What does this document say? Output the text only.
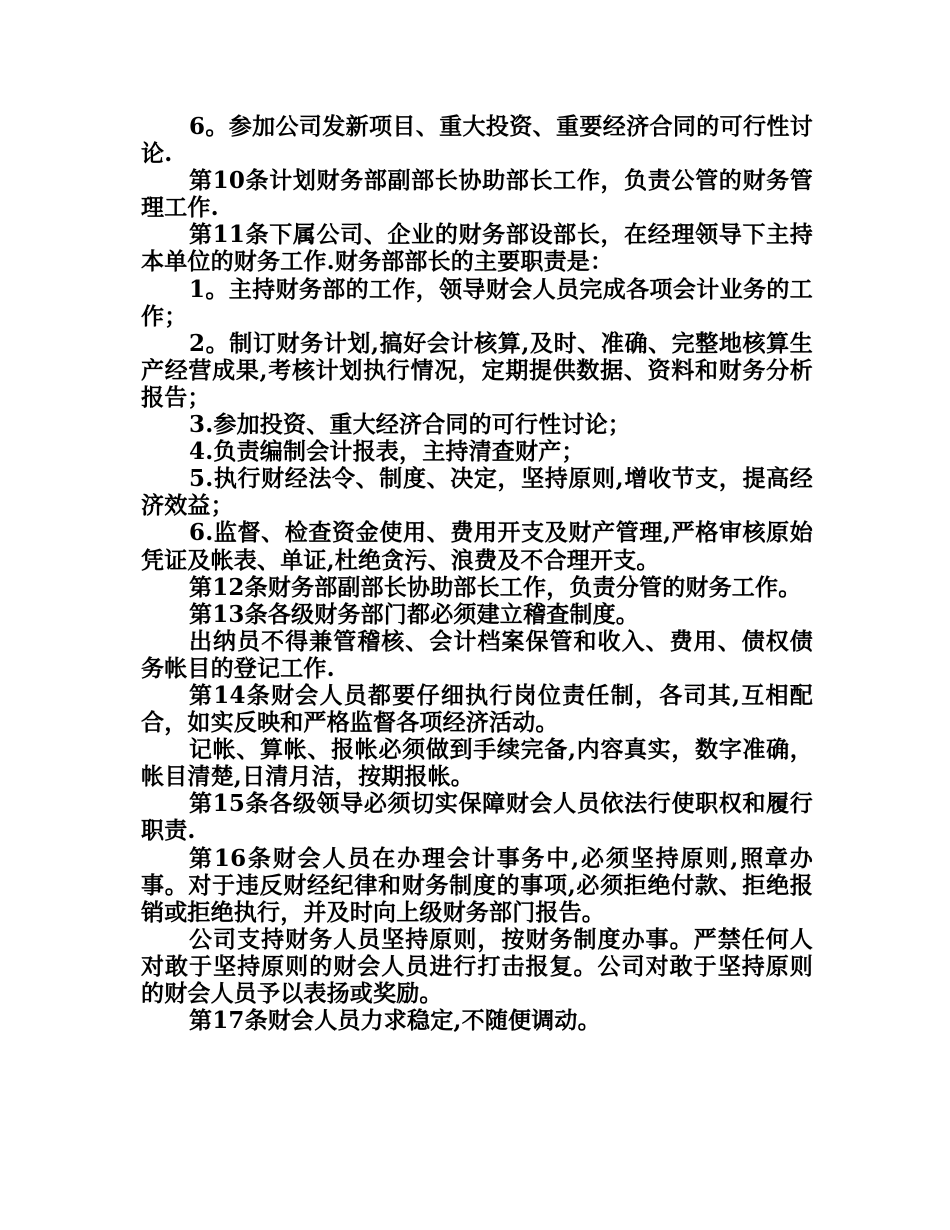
6。参加公司发新项目、重大投资、重要经济合同的可行性讨论.

第10条计划财务部副部长协助部长工作，负责公管的财务管理工作.

第11条下属公司、企业的财务部设部长，在经理领导下主持本单位的财务工作.财务部部长的主要职责是：

1。主持财务部的工作，领导财会人员完成各项会计业务的工作；

2。制订财务计划,搞好会计核算,及时、准确、完整地核算生产经营成果,考核计划执行情况，定期提供数据、资料和财务分析报告；

3.参加投资、重大经济合同的可行性讨论；

4.负责编制会计报表，主持清查财产；

5.执行财经法令、制度、决定，坚持原则,增收节支，提高经济效益；

6.监督、检查资金使用、费用开支及财产管理,严格审核原始凭证及帐表、单证,杜绝贪污、浪费及不合理开支。

第12条财务部副部长协助部长工作，负责分管的财务工作。

第13条各级财务部门都必须建立稽查制度。

出纳员不得兼管稽核、会计档案保管和收入、费用、债权债务帐目的登记工作.

第14条财会人员都要仔细执行岗位责任制，各司其,互相配合，如实反映和严格监督各项经济活动。

记帐、算帐、报帐必须做到手续完备,内容真实，数字准确，帐目清楚,日清月洁，按期报帐。

第15条各级领导必须切实保障财会人员依法行使职权和履行职责.

第16条财会人员在办理会计事务中,必须坚持原则,照章办事。对于违反财经纪律和财务制度的事项,必须拒绝付款、拒绝报销或拒绝执行，并及时向上级财务部门报告。

公司支持财务人员坚持原则，按财务制度办事。严禁任何人对敢于坚持原则的财会人员进行打击报复。公司对敢于坚持原则的财会人员予以表扬或奖励。

第17条财会人员力求稳定,不随便调动。
